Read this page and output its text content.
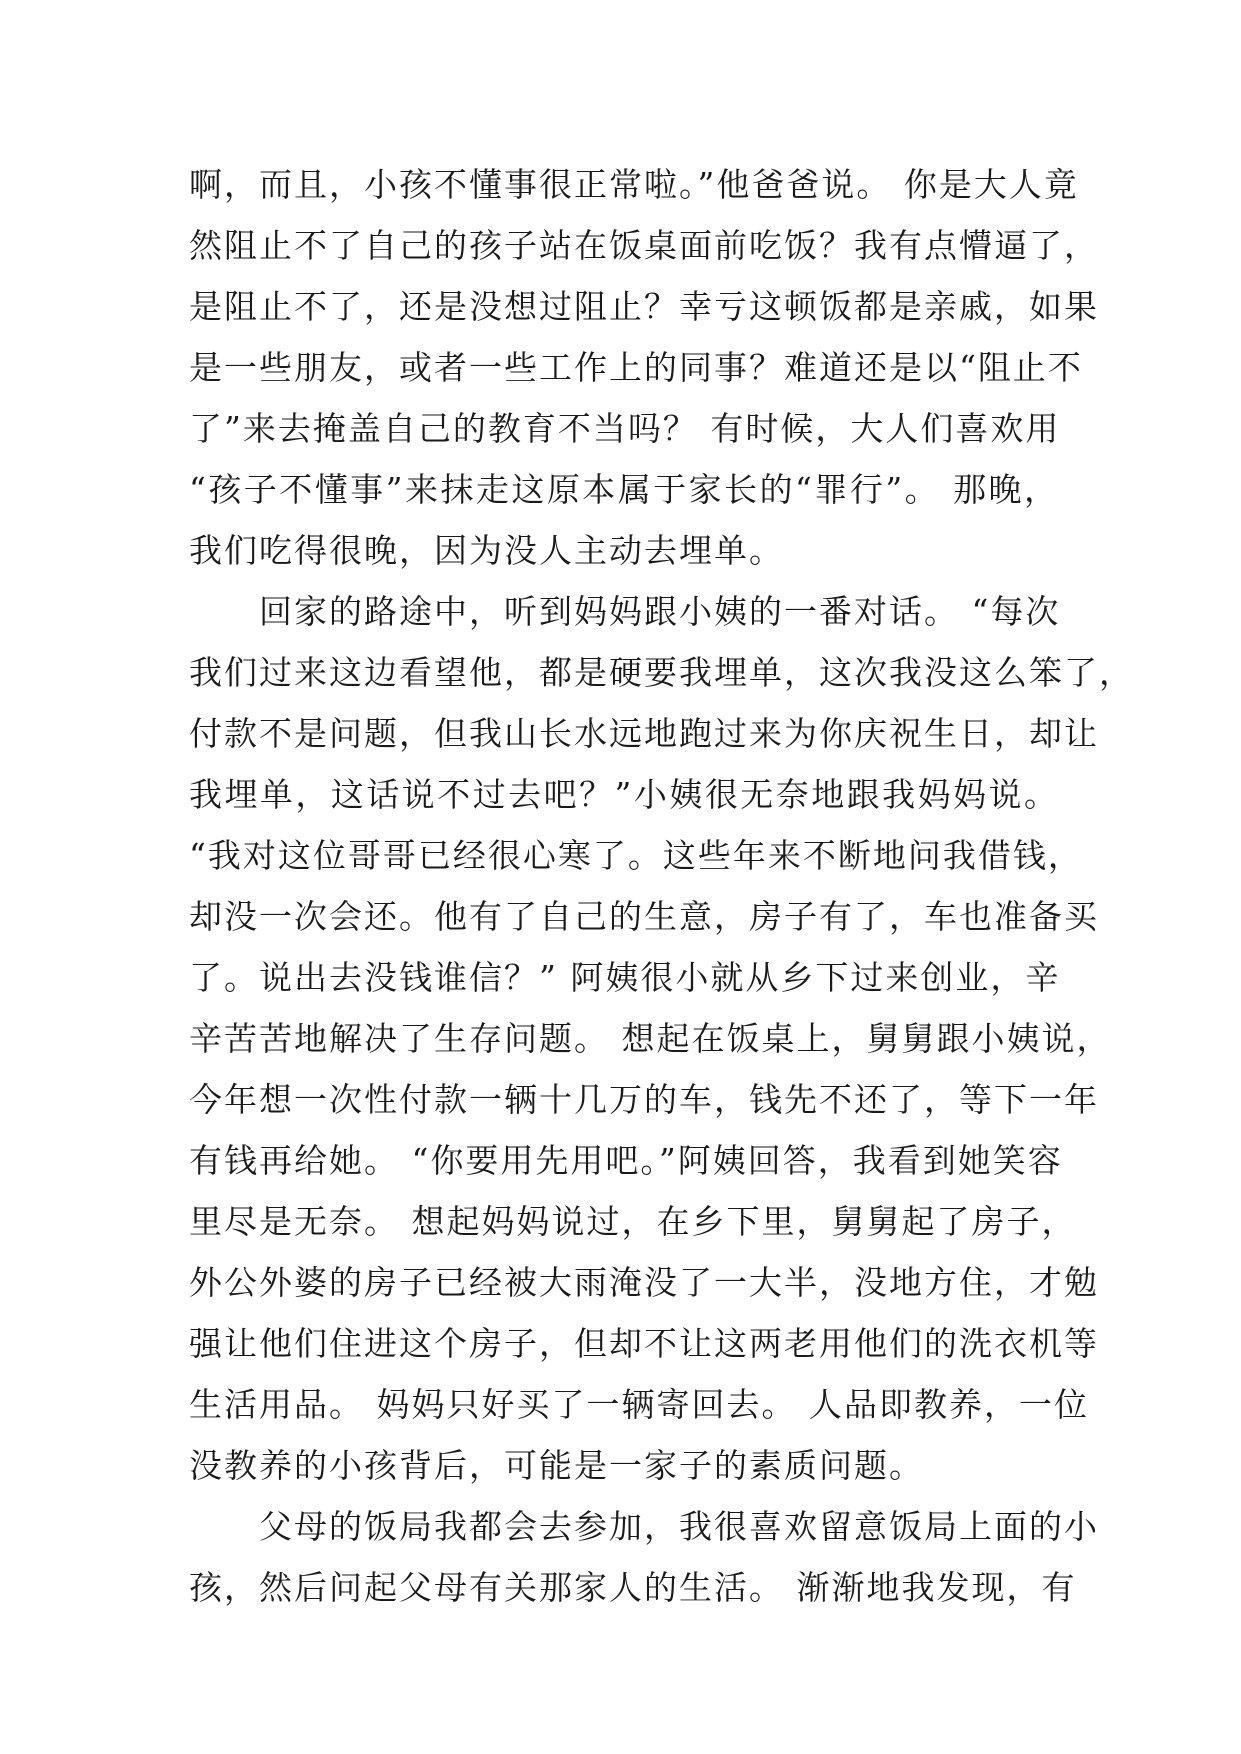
啊，而且，小孩不懂事很正常啦。”他爸爸说。 你是大人竟
然阻止不了自己的孩子站在饭桌面前吃饭？我有点懵逼了，
是阻止不了，还是没想过阻止？幸亏这顿饭都是亲戚，如果
是一些朋友，或者一些工作上的同事？难道还是以“阻止不
了”来去掩盖自己的教育不当吗？ 有时候，大人们喜欢用
“孩子不懂事”来抹走这原本属于家长的“罪行”。 那晚，
我们吃得很晚，因为没人主动去埋单。
回家的路途中，听到妈妈跟小姨的一番对话。 “每次
我们过来这边看望他，都是硬要我埋单，这次我没这么笨了，
付款不是问题，但我山长水远地跑过来为你庆祝生日，却让
我埋单，这话说不过去吧？”小姨很无奈地跟我妈妈说。
“我对这位哥哥已经很心寒了。这些年来不断地问我借钱，
却没一次会还。他有了自己的生意，房子有了，车也准备买
了。说出去没钱谁信？” 阿姨很小就从乡下过来创业，辛
辛苦苦地解决了生存问题。 想起在饭桌上，舅舅跟小姨说，
今年想一次性付款一辆十几万的车，钱先不还了，等下一年
有钱再给她。 “你要用先用吧。”阿姨回答，我看到她笑容
里尽是无奈。 想起妈妈说过，在乡下里，舅舅起了房子，
外公外婆的房子已经被大雨淹没了一大半，没地方住，才勉
强让他们住进这个房子，但却不让这两老用他们的洗衣机等
生活用品。 妈妈只好买了一辆寄回去。 人品即教养，一位
没教养的小孩背后，可能是一家子的素质问题。
父母的饭局我都会去参加，我很喜欢留意饭局上面的小
孩，然后问起父母有关那家人的生活。 渐渐地我发现，有
